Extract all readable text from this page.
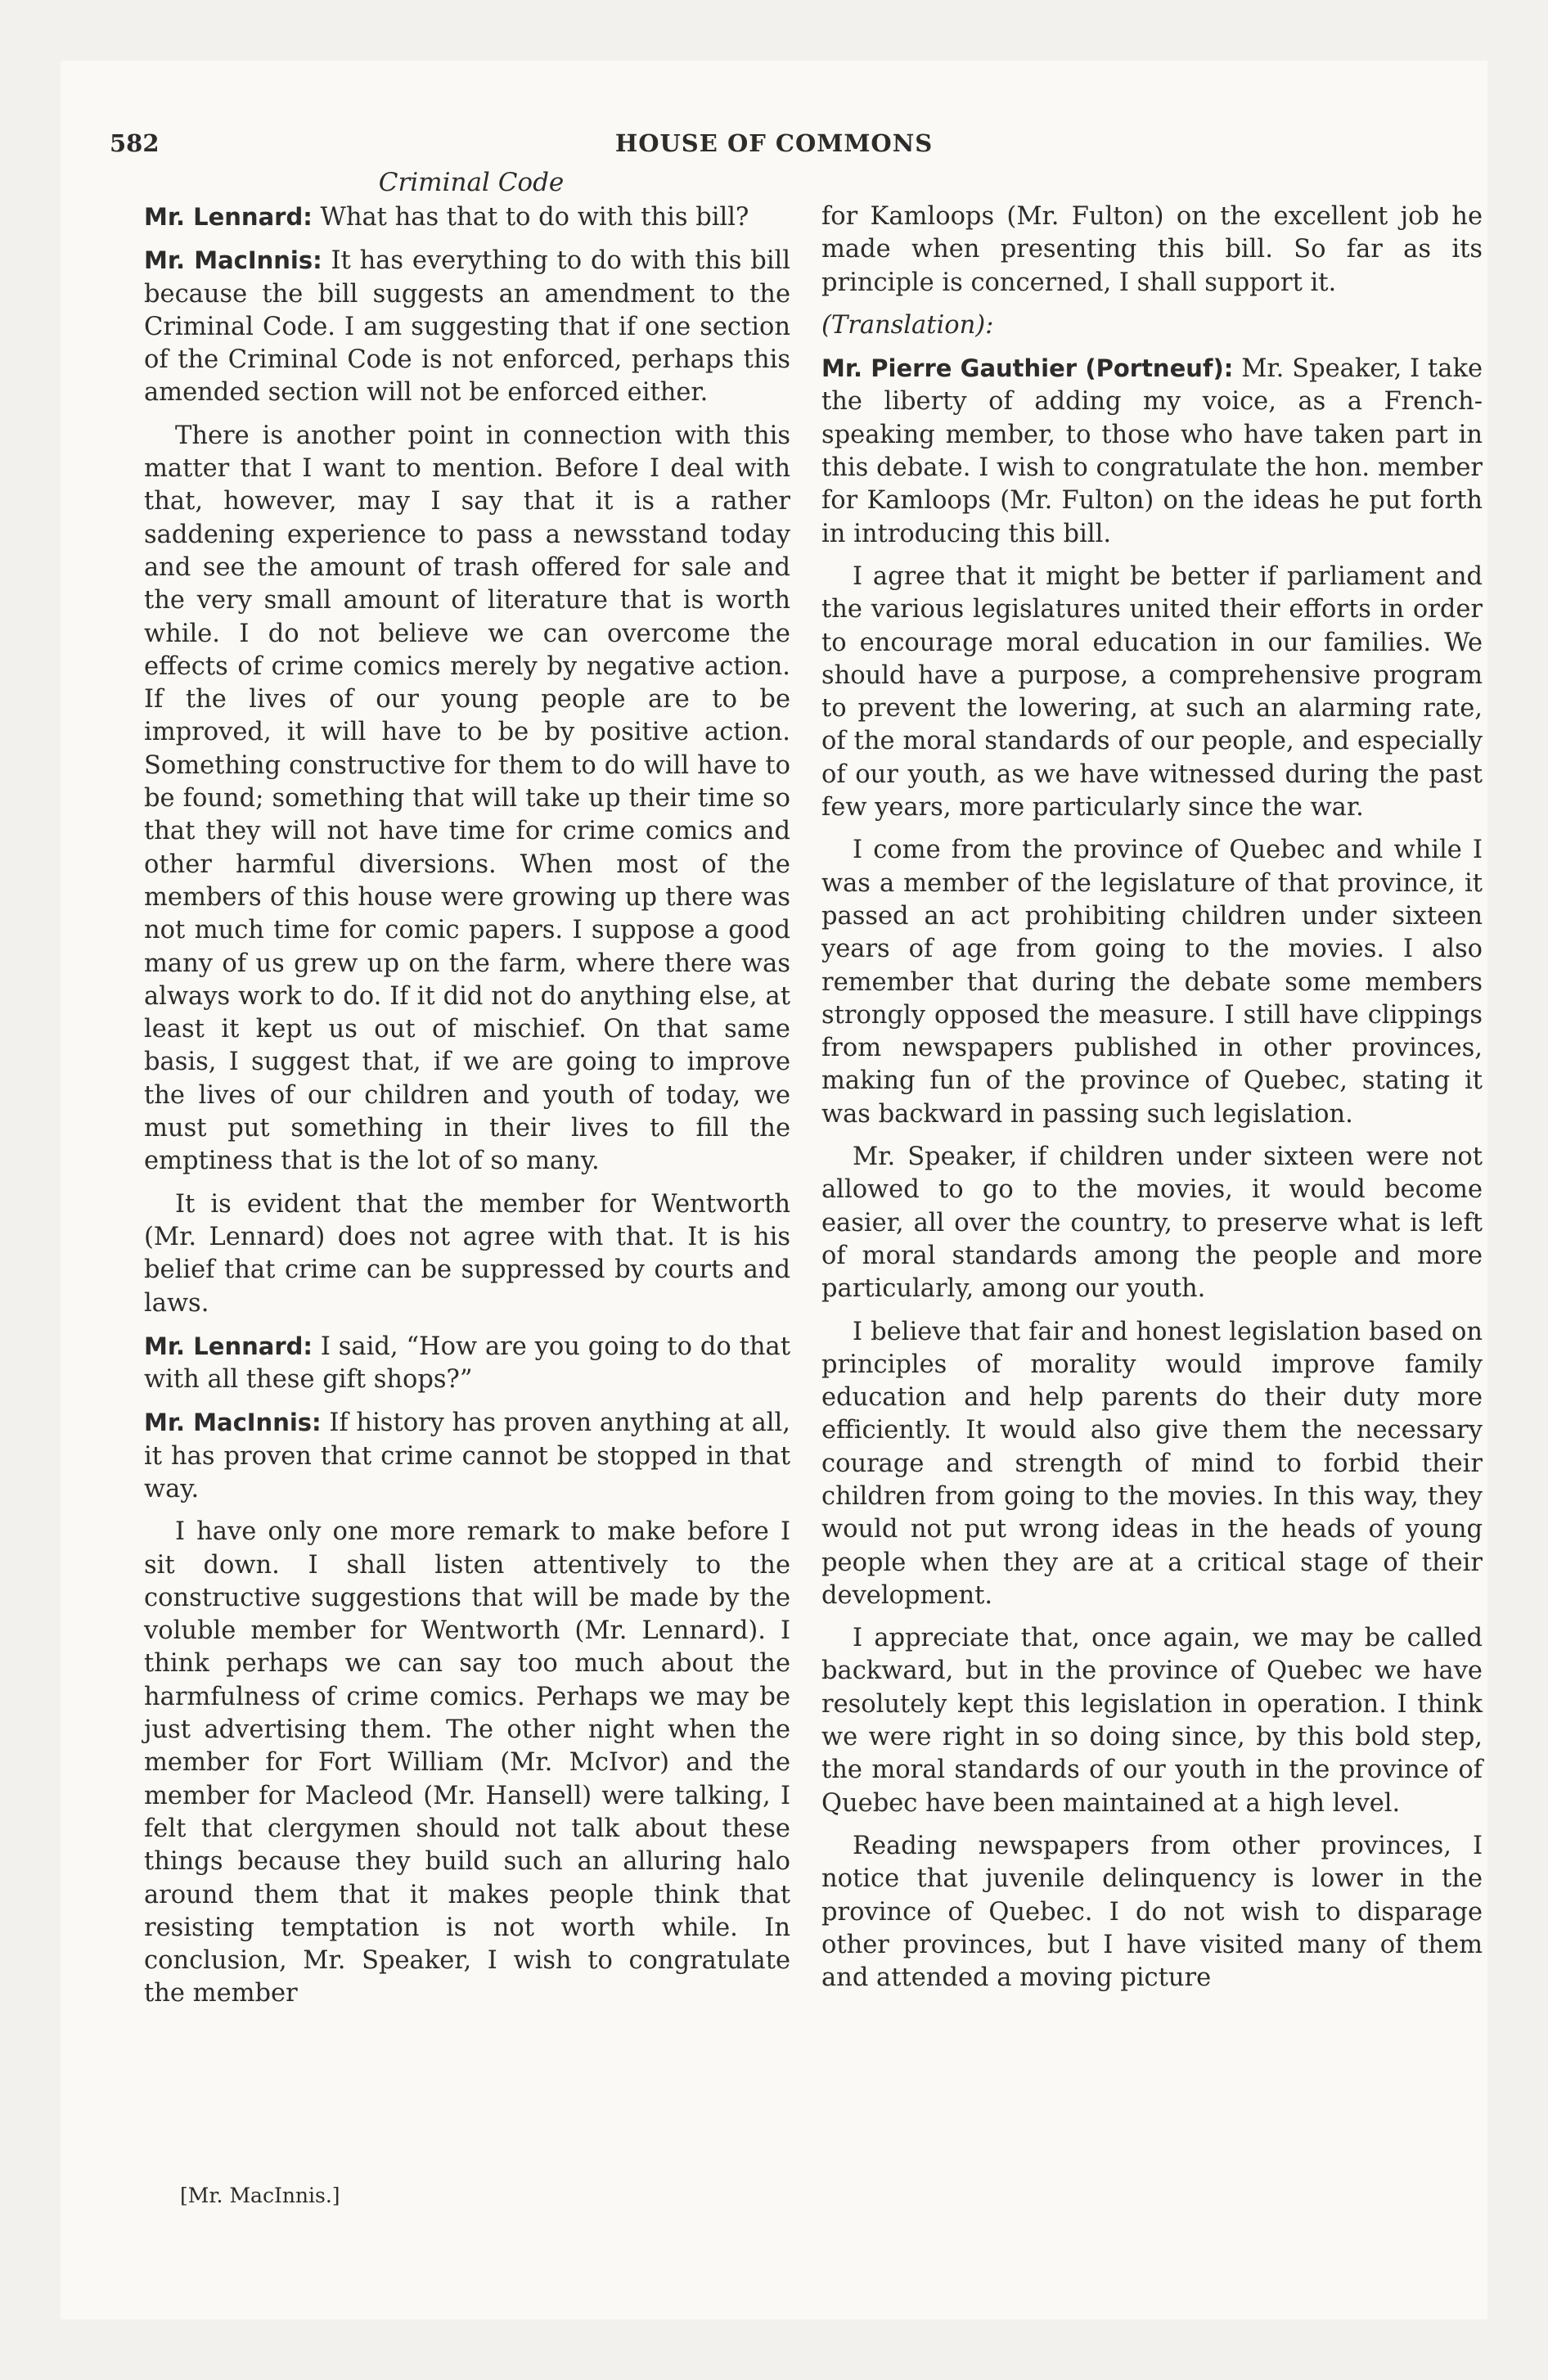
582	HOUSE OF COMMONS
Criminal Code

Mr. Lennard: What has that to do with this bill?

Mr. MacInnis: It has everything to do with this bill because the bill suggests an amendment to the Criminal Code. I am suggesting that if one section of the Criminal Code is not enforced, perhaps this amended section will not be enforced either.

There is another point in connection with this matter that I want to mention. Before I deal with that, however, may I say that it is a rather saddening experience to pass a newsstand today and see the amount of trash offered for sale and the very small amount of literature that is worth while. I do not believe we can overcome the effects of crime comics merely by negative action. If the lives of our young people are to be improved, it will have to be by positive action. Something constructive for them to do will have to be found; something that will take up their time so that they will not have time for crime comics and other harmful diversions. When most of the members of this house were growing up there was not much time for comic papers. I suppose a good many of us grew up on the farm, where there was always work to do. If it did not do anything else, at least it kept us out of mischief. On that same basis, I suggest that, if we are going to improve the lives of our children and youth of today, we must put something in their lives to fill the emptiness that is the lot of so many.

It is evident that the member for Wentworth (Mr. Lennard) does not agree with that. It is his belief that crime can be suppressed by courts and laws.

Mr. Lennard: I said, “How are you going to do that with all these gift shops?”

Mr. MacInnis: If history has proven anything at all, it has proven that crime cannot be stopped in that way.

I have only one more remark to make before I sit down. I shall listen attentively to the constructive suggestions that will be made by the voluble member for Wentworth (Mr. Lennard). I think perhaps we can say too much about the harmfulness of crime comics. Perhaps we may be just advertising them. The other night when the member for Fort William (Mr. McIvor) and the member for Macleod (Mr. Hansell) were talking, I felt that clergymen should not talk about these things because they build such an alluring halo around them that it makes people think that resisting temptation is not worth while. In conclusion, Mr. Speaker, I wish to congratulate the member

for Kamloops (Mr. Fulton) on the excellent job he made when presenting this bill. So far as its principle is concerned, I shall support it.

(Translation):

Mr. Pierre Gauthier (Portneuf): Mr. Speaker, I take the liberty of adding my voice, as a French-speaking member, to those who have taken part in this debate. I wish to congratulate the hon. member for Kamloops (Mr. Fulton) on the ideas he put forth in introducing this bill.

I agree that it might be better if parliament and the various legislatures united their efforts in order to encourage moral education in our families. We should have a purpose, a comprehensive program to prevent the lowering, at such an alarming rate, of the moral standards of our people, and especially of our youth, as we have witnessed during the past few years, more particularly since the war.

I come from the province of Quebec and while I was a member of the legislature of that province, it passed an act prohibiting children under sixteen years of age from going to the movies. I also remember that during the debate some members strongly opposed the measure. I still have clippings from newspapers published in other provinces, making fun of the province of Quebec, stating it was backward in passing such legislation.

Mr. Speaker, if children under sixteen were not allowed to go to the movies, it would become easier, all over the country, to preserve what is left of moral standards among the people and more particularly, among our youth.

I believe that fair and honest legislation based on principles of morality would improve family education and help parents do their duty more efficiently. It would also give them the necessary courage and strength of mind to forbid their children from going to the movies. In this way, they would not put wrong ideas in the heads of young people when they are at a critical stage of their development.

I appreciate that, once again, we may be called backward, but in the province of Quebec we have resolutely kept this legislation in operation. I think we were right in so doing since, by this bold step, the moral standards of our youth in the province of Quebec have been maintained at a high level.

Reading newspapers from other provinces, I notice that juvenile delinquency is lower in the province of Quebec. I do not wish to disparage other provinces, but I have visited many of them and attended a moving picture

[Mr. MacInnis.]
